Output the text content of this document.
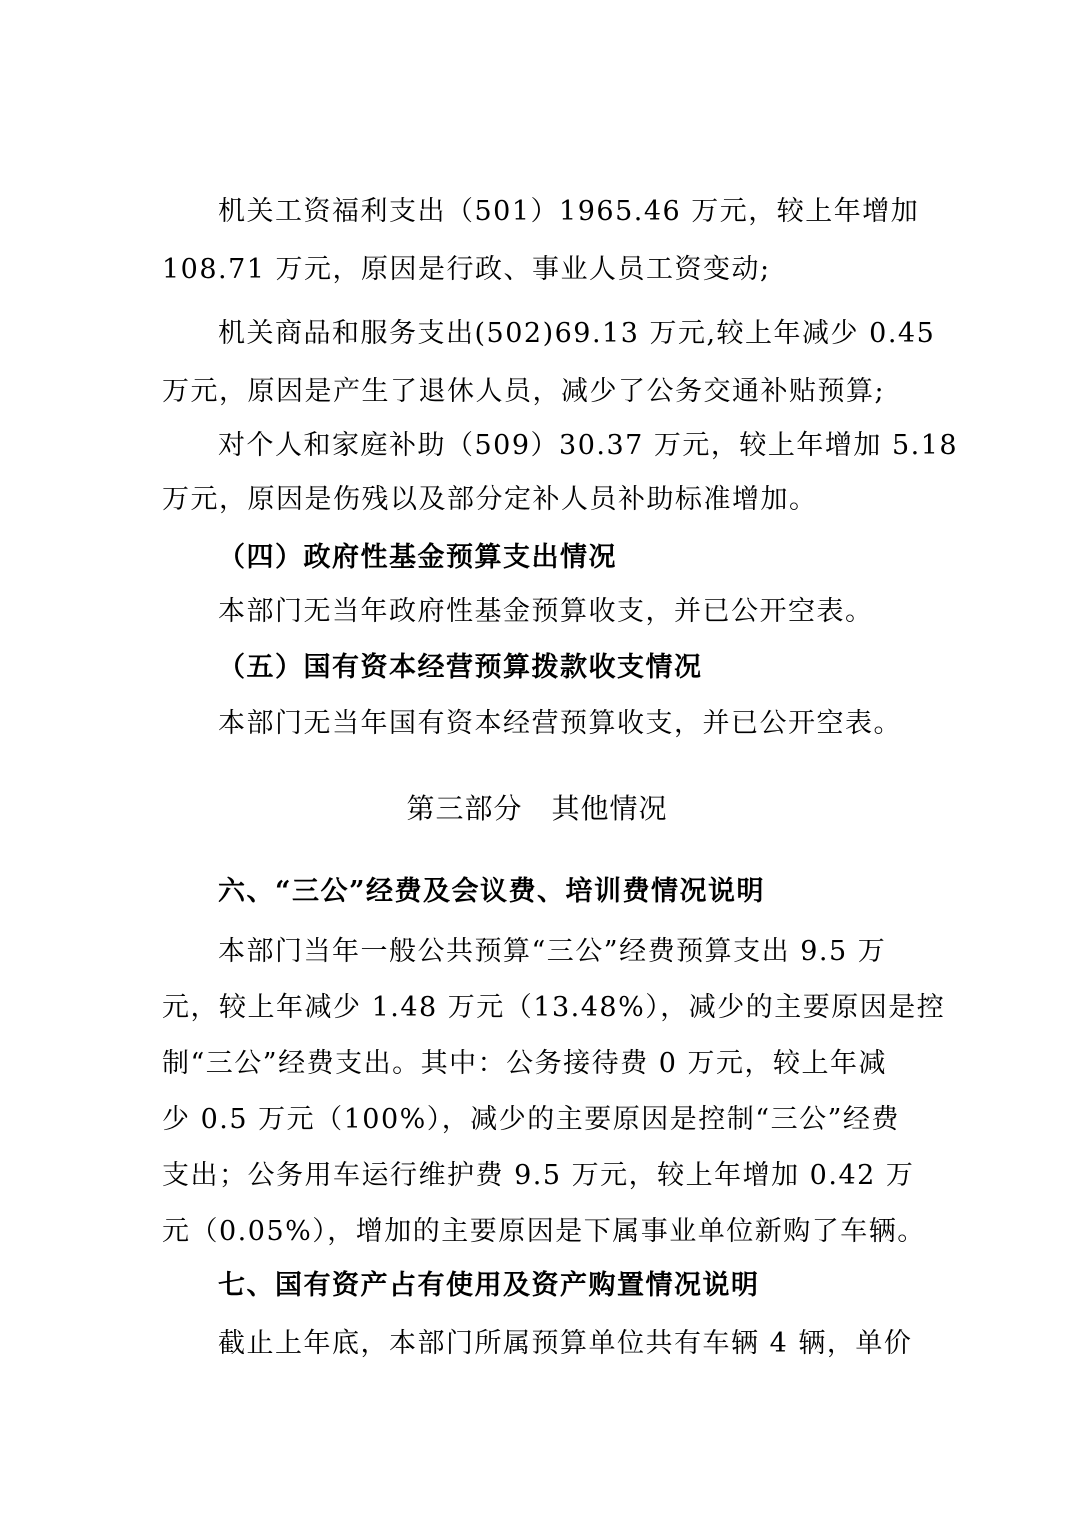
机关工资福利支出（501）1965.46 万元，较上年增加
108.71 万元，原因是行政、事业人员工资变动;
机关商品和服务支出(502)69.13 万元,较上年减少 0.45
万元，原因是产生了退休人员，减少了公务交通补贴预算;
对个人和家庭补助（509）30.37 万元，较上年增加 5.18
万元，原因是伤残以及部分定补人员补助标准增加。
（四）政府性基金预算支出情况
本部门无当年政府性基金预算收支，并已公开空表。
（五）国有资本经营预算拨款收支情况
本部门无当年国有资本经营预算收支，并已公开空表。
第三部分　其他情况
六、“三公”经费及会议费、培训费情况说明
本部门当年一般公共预算“三公”经费预算支出 9.5 万
元，较上年减少 1.48 万元（13.48%），减少的主要原因是控
制“三公”经费支出。其中：公务接待费 0 万元，较上年减
少 0.5 万元（100%），减少的主要原因是控制“三公”经费
支出；公务用车运行维护费 9.5 万元，较上年增加 0.42 万
元（0.05%），增加的主要原因是下属事业单位新购了车辆。
七、国有资产占有使用及资产购置情况说明
截止上年底，本部门所属预算单位共有车辆 4 辆，单价
